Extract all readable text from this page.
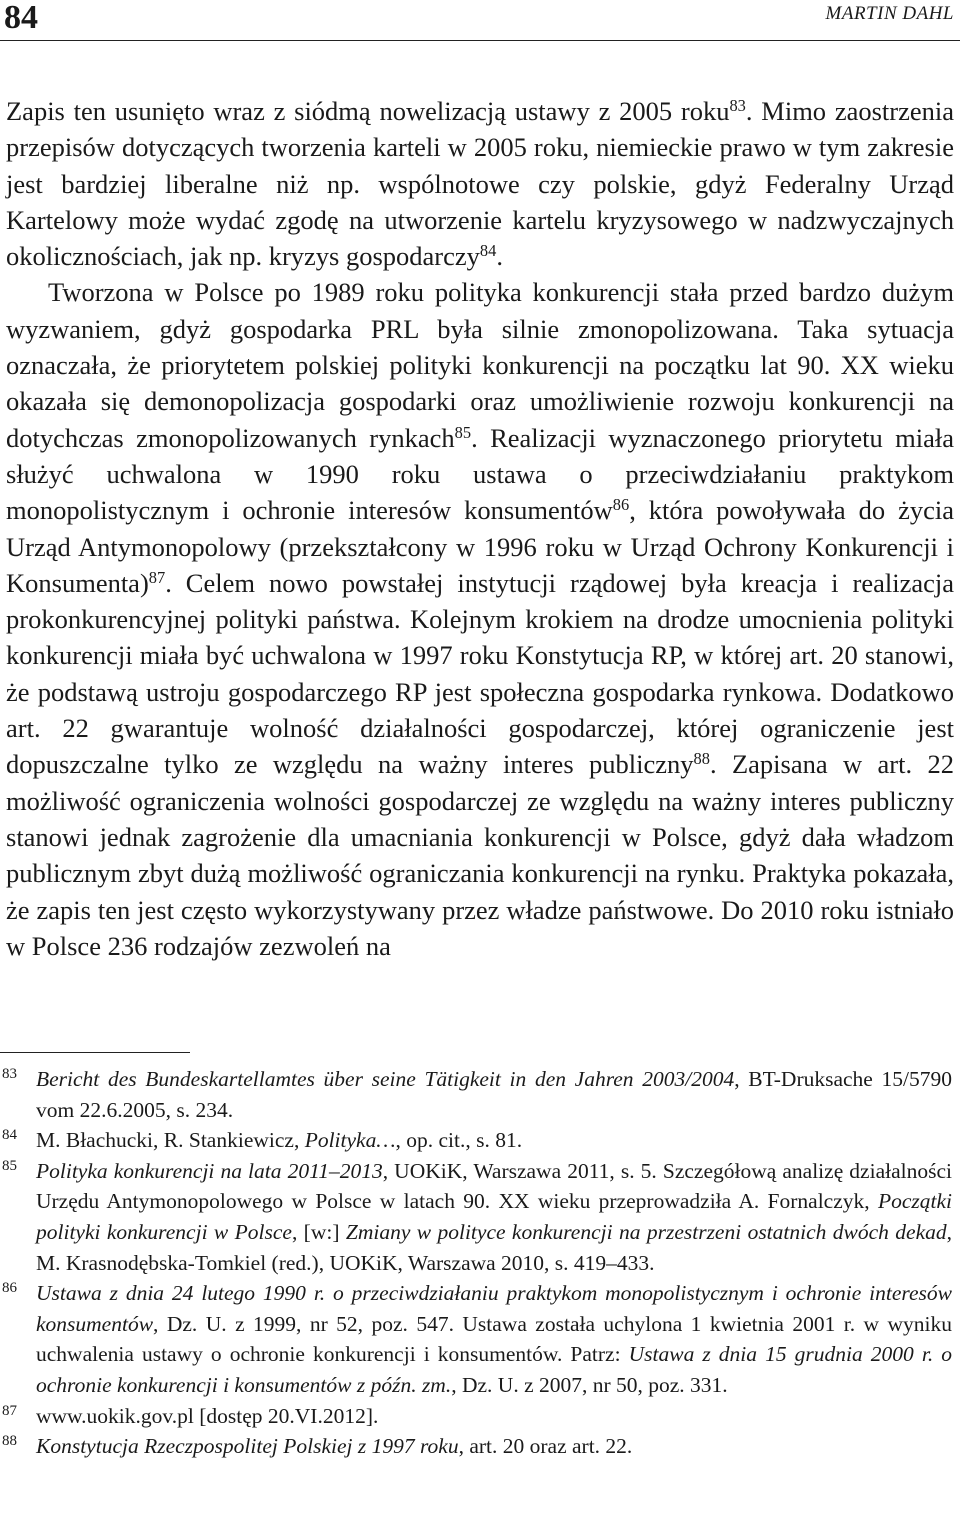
84	MARTIN DAHL

Zapis ten usunięto wraz z siódmą nowelizacją ustawy z 2005 roku$^{83}$. Mimo zaostrzenia przepisów dotyczących tworzenia karteli w 2005 roku, niemieckie prawo w tym zakresie jest bardziej liberalne niż np. wspólnotowe czy polskie, gdyż Federalny Urząd Kartelowy może wydać zgodę na utworzenie kartelu kryzysowego w nadzwyczajnych okolicznościach, jak np. kryzys gospodarczy$^{84}$.

Tworzona w Polsce po 1989 roku polityka konkurencji stała przed bardzo dużym wyzwaniem, gdyż gospodarka PRL była silnie zmonopolizowana. Taka sytuacja oznaczała, że priorytetem polskiej polityki konkurencji na początku lat 90. XX wieku okazała się demonopolizacja gospodarki oraz umożliwienie rozwoju konkurencji na dotychczas zmonopolizowanych rynkach$^{85}$. Realizacji wyznaczonego priorytetu miała służyć uchwalona w 1990 roku ustawa o przeciwdziałaniu praktykom monopolistycznym i ochronie interesów konsumentów$^{86}$, która powoływała do życia Urząd Antymonopolowy (przekształcony w 1996 roku w Urząd Ochrony Konkurencji i Konsumenta)$^{87}$. Celem nowo powstałej instytucji rządowej była kreacja i realizacja prokonkurencyjnej polityki państwa. Kolejnym krokiem na drodze umocnienia polityki konkurencji miała być uchwalona w 1997 roku Konstytucja RP, w której art. 20 stanowi, że podstawą ustroju gospodarczego RP jest społeczna gospodarka rynkowa. Dodatkowo art. 22 gwarantuje wolność działalności gospodarczej, której ograniczenie jest dopuszczalne tylko ze względu na ważny interes publiczny$^{88}$. Zapisana w art. 22 możliwość ograniczenia wolności gospodarczej ze względu na ważny interes publiczny stanowi jednak zagrożenie dla umacniania konkurencji w Polsce, gdyż dała władzom publicznym zbyt dużą możliwość ograniczania konkurencji na rynku. Praktyka pokazała, że zapis ten jest często wykorzystywany przez władze państwowe. Do 2010 roku istniało w Polsce 236 rodzajów zezwoleń na

83 Bericht des Bundeskartellamtes über seine Tätigkeit in den Jahren 2003/2004, BT-Druksache 15/5790 vom 22.6.2005, s. 234.
84 M. Błachucki, R. Stankiewicz, Polityka…, op. cit., s. 81.
85 Polityka konkurencji na lata 2011–2013, UOKiK, Warszawa 2011, s. 5. Szczegółową analizę działalności Urzędu Antymonopolowego w Polsce w latach 90. XX wieku przeprowadziła A. Fornalczyk, Początki polityki konkurencji w Polsce, [w:] Zmiany w polityce konkurencji na przestrzeni ostatnich dwóch dekad, M. Krasnodębska-Tomkiel (red.), UOKiK, Warszawa 2010, s. 419–433.
86 Ustawa z dnia 24 lutego 1990 r. o przeciwdziałaniu praktykom monopolistycznym i ochronie interesów konsumentów, Dz. U. z 1999, nr 52, poz. 547. Ustawa została uchylona 1 kwietnia 2001 r. w wyniku uchwalenia ustawy o ochronie konkurencji i konsumentów. Patrz: Ustawa z dnia 15 grudnia 2000 r. o ochronie konkurencji i konsumentów z późn. zm., Dz. U. z 2007, nr 50, poz. 331.
87 www.uokik.gov.pl [dostęp 20.VI.2012].
88 Konstytucja Rzeczpospolitej Polskiej z 1997 roku, art. 20 oraz art. 22.
